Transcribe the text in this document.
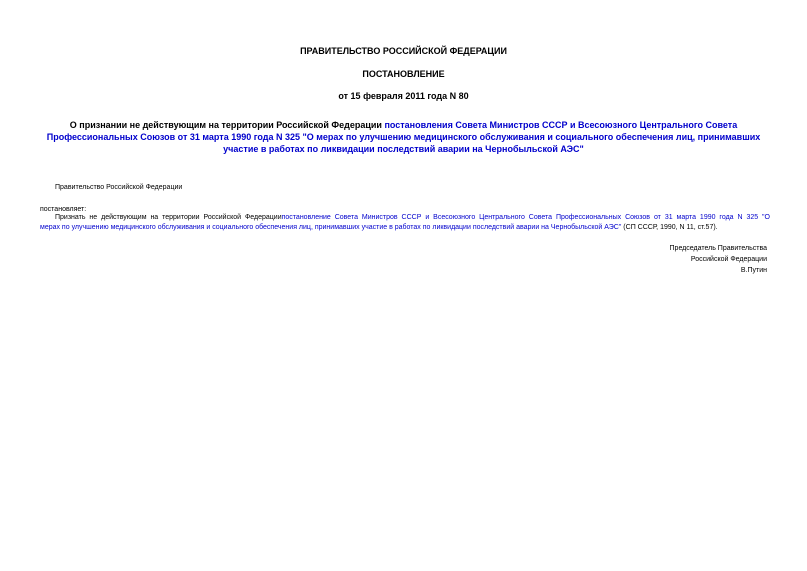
ПРАВИТЕЛЬСТВО РОССИЙСКОЙ ФЕДЕРАЦИИ
ПОСТАНОВЛЕНИЕ
от 15 февраля 2011 года N 80
О признании не действующим на территории Российской Федерации постановления Совета Министров СССР и Всесоюзного Центрального Совета Профессиональных Союзов от 31 марта 1990 года N 325 "О мерах по улучшению медицинского обслуживания и социального обеспечения лиц, принимавших участие в работах по ликвидации последствий аварии на Чернобыльской АЭС"
Правительство Российской Федерации
постановляет:
Признать не действующим на территории Российской Федерациипостановление Совета Министров СССР и Всесоюзного Центрального Совета Профессиональных Союзов от 31 марта 1990 года N 325 "О
мерах по улучшению медицинского обслуживания и социального обеспечения лиц, принимавших участие в работах по ликвидации последствий аварии на Чернобыльской АЭС" (СП СССР, 1990, N 11, ст.57).
Председатель Правительства
Российской Федерации
В.Путин
